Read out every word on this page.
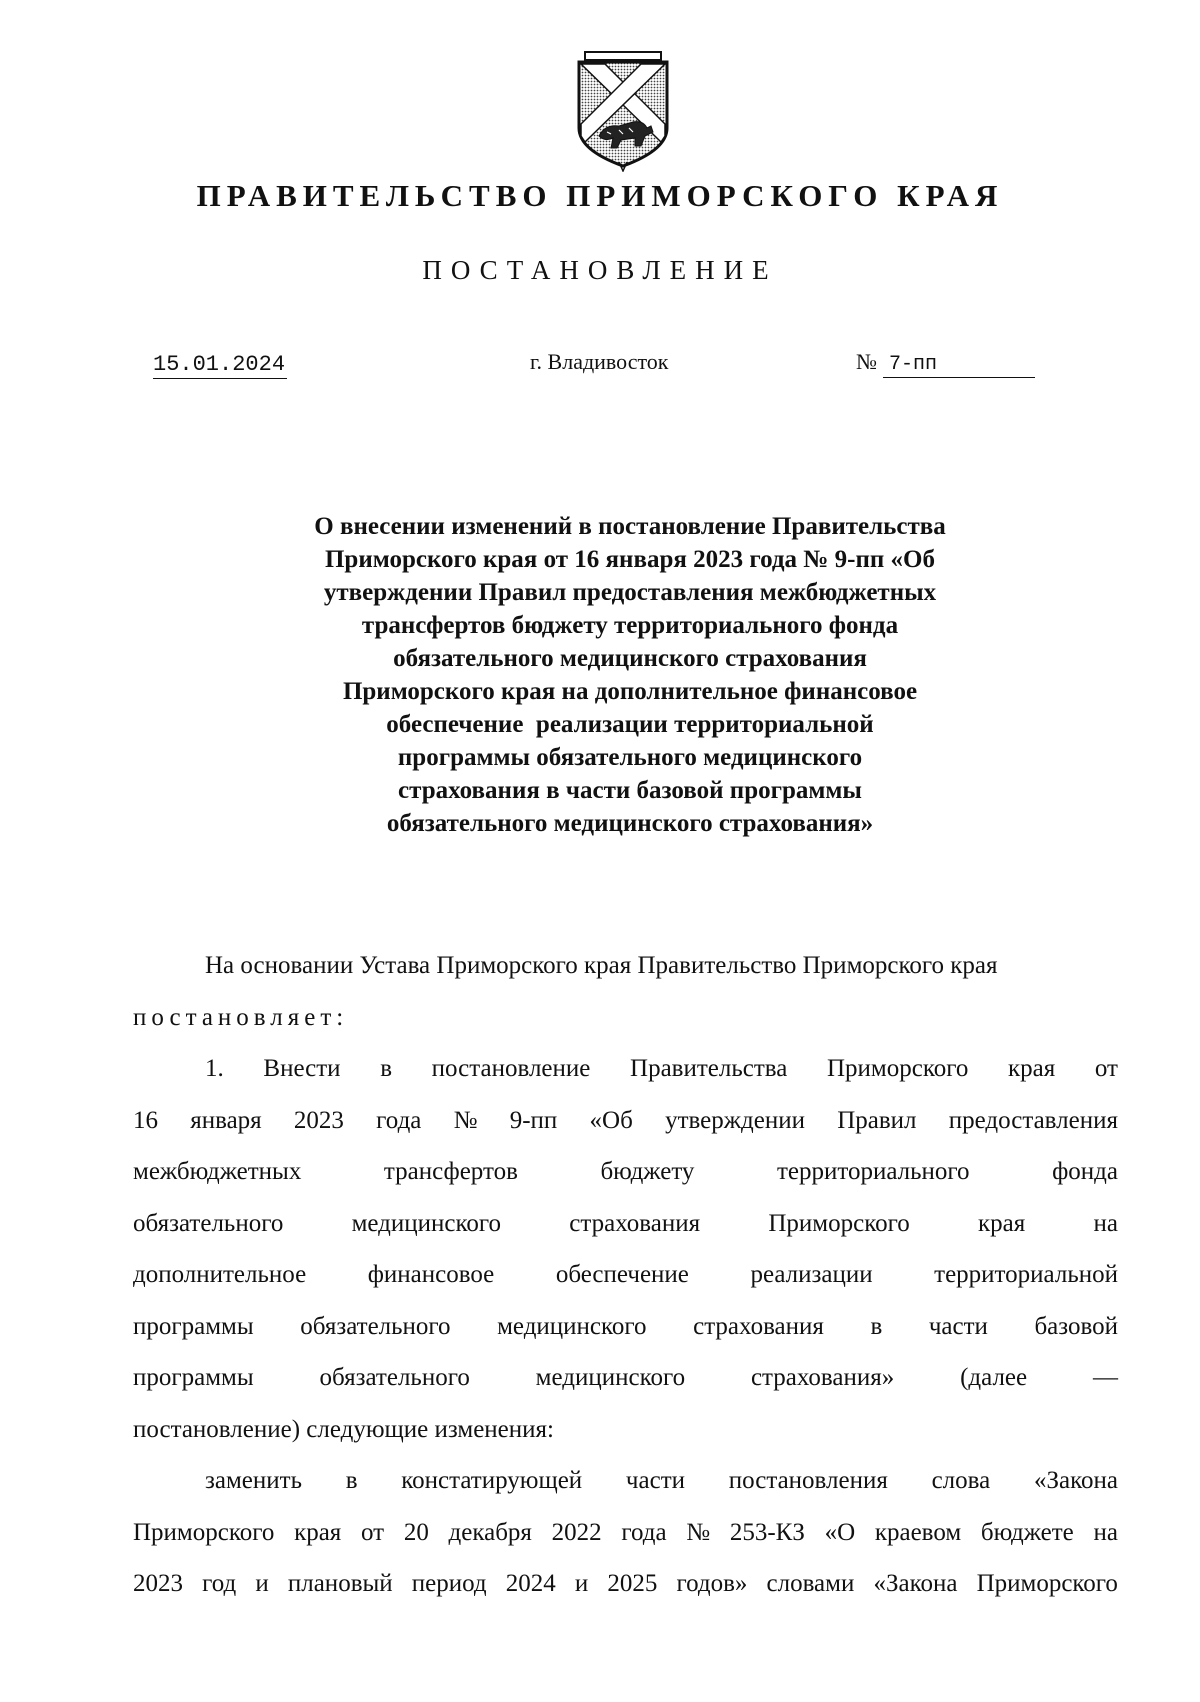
ПРАВИТЕЛЬСТВО ПРИМОРСКОГО КРАЯ
ПОСТАНОВЛЕНИЕ
15.01.2024	г. Владивосток	№ 7-пп
О внесении изменений в постановление Правительства
Приморского края от 16 января 2023 года № 9-пп «Об
утверждении Правил предоставления межбюджетных
трансфертов бюджету территориального фонда
обязательного медицинского страхования
Приморского края на дополнительное финансовое
обеспечение  реализации территориальной
программы обязательного медицинского
страхования в части базовой программы
обязательного медицинского страхования»
На основании Устава Приморского края Правительство Приморского края
постановляет:
1. Внести в постановление Правительства Приморского края от
16 января 2023 года № 9-пп «Об утверждении Правил предоставления
межбюджетных	трансфертов	бюджету	территориального	фонда
обязательного	медицинского	страхования	Приморского	края	на
дополнительное финансовое обеспечение реализации территориальной
программы обязательного медицинского страхования в части базовой
программы	обязательного	медицинского	страхования»	(далее	—
постановление) следующие изменения:
заменить в констатирующей части постановления слова «Закона
Приморского края от 20 декабря 2022 года № 253-КЗ «О краевом бюджете на
2023 год и плановый период 2024 и 2025 годов» словами «Закона Приморского
